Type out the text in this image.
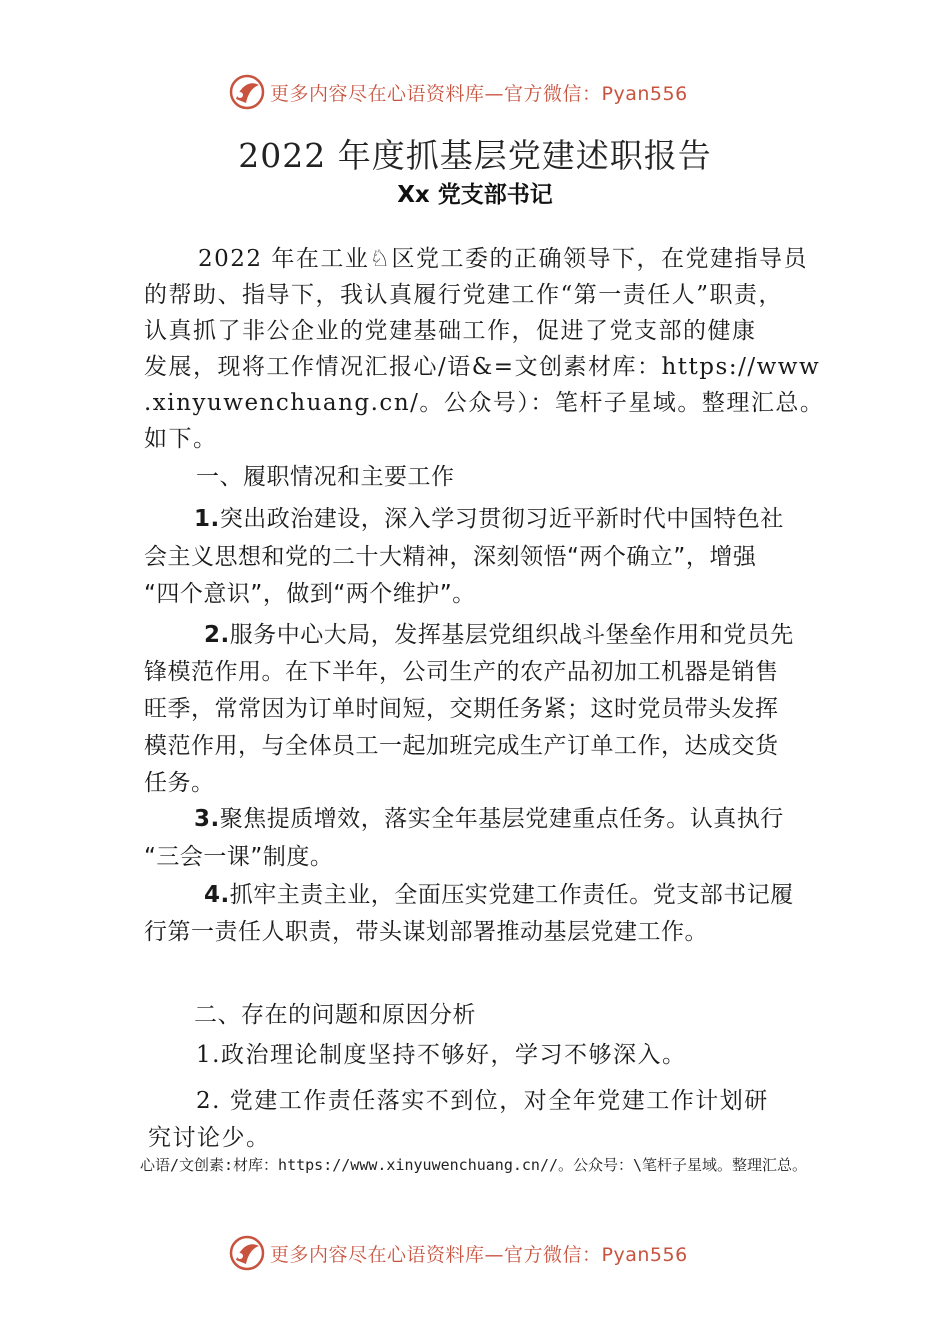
更多内容尽在心语资料库—官方微信：Pyan556
2022 年度抓基层党建述职报告
Xx 党支部书记
2022 年在工业♘区党工委的正确领导下，在党建指导员
的帮助、指导下，我认真履行党建工作“第一责任人”职责，
认真抓了非公企业的党建基础工作，促进了党支部的健康
发展，现将工作情况汇报心/语&=文创素材库：https://www
.xinyuwenchuang.cn/。公众号）：笔杆子星域。整理汇总。
如下。
一、履职情况和主要工作
1.突出政治建设，深入学习贯彻习近平新时代中国特色社
会主义思想和党的二十大精神，深刻领悟“两个确立”，增强
“四个意识”，做到“两个维护”。
2.服务中心大局，发挥基层党组织战斗堡垒作用和党员先
锋模范作用。在下半年，公司生产的农产品初加工机器是销售
旺季，常常因为订单时间短，交期任务紧；这时党员带头发挥
模范作用，与全体员工一起加班完成生产订单工作，达成交货
任务。
3.聚焦提质增效，落实全年基层党建重点任务。认真执行
“三会一课”制度。
4.抓牢主责主业，全面压实党建工作责任。党支部书记履
行第一责任人职责，带头谋划部署推动基层党建工作。
二、存在的问题和原因分析
1.政治理论制度坚持不够好，学习不够深入。
2. 党建工作责任落实不到位，对全年党建工作计划研
究讨论少。
心语/文创素:材库：https://www.xinyuwenchuang.cn//。公众号：\笔杆子星域。整理汇总。
更多内容尽在心语资料库—官方微信：Pyan556
